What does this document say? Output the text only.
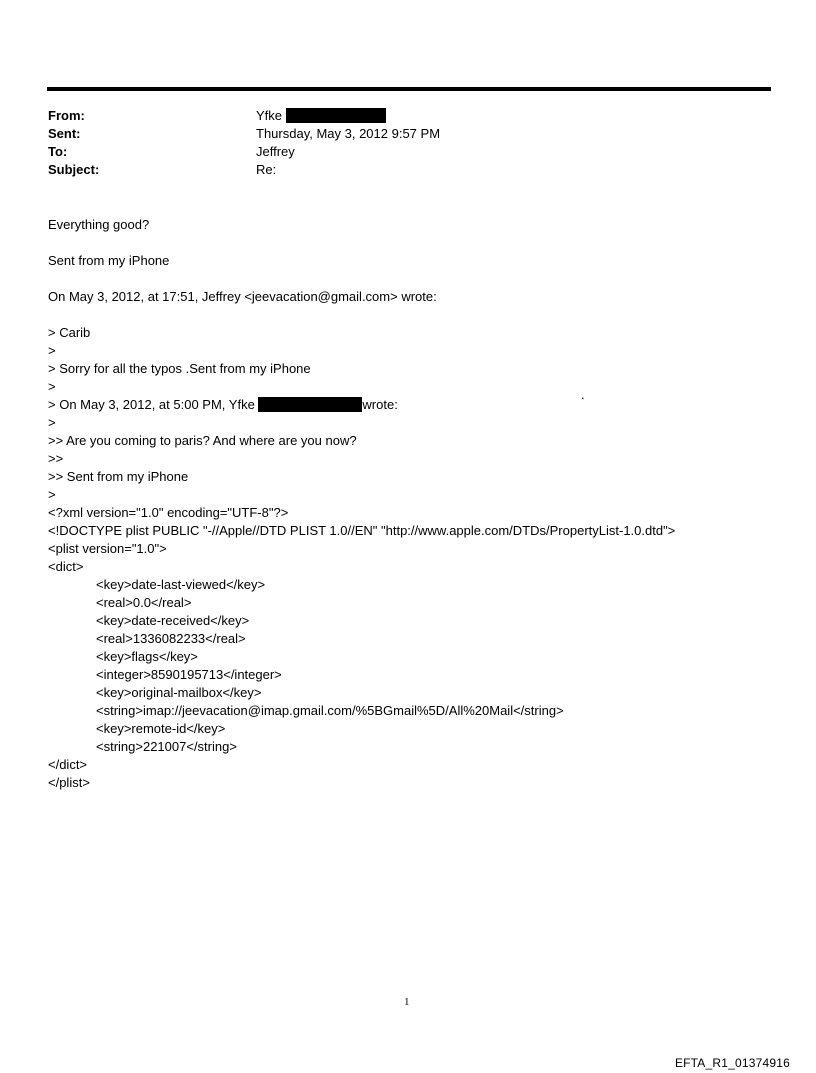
From:	Yfke
Sent:	Thursday, May 3, 2012 9:57 PM
To:	Jeffrey
Subject:	Re:
Everything good?
Sent from my iPhone
On May 3, 2012, at 17:51, Jeffrey <jeevacation@gmail.com> wrote:
> Carib
>
> Sorry for all the typos .Sent from my iPhone
>
.
> On May 3, 2012, at 5:00 PM, Yfke	wrote:
>
>> Are you coming to paris? And where are you now?
>>
>> Sent from my iPhone
>
<?xml version="1.0" encoding="UTF-8"?>
<!DOCTYPE plist PUBLIC "-//Apple//DTD PLIST 1.0//EN" "http://www.apple.com/DTDs/PropertyList-1.0.dtd">
<plist version="1.0">
<dict>
<key>date-last-viewed</key>
<real>0.0</real>
<key>date-received</key>
<real>1336082233</real>
<key>flags</key>
<integer>8590195713</integer>
<key>original-mailbox</key>
<string>imap://jeevacation@imap.gmail.com/%5BGmail%5D/All%20Mail</string>
<key>remote-id</key>
<string>221007</string>
</dict>
</plist>
1
EFTA_R1_01374916
